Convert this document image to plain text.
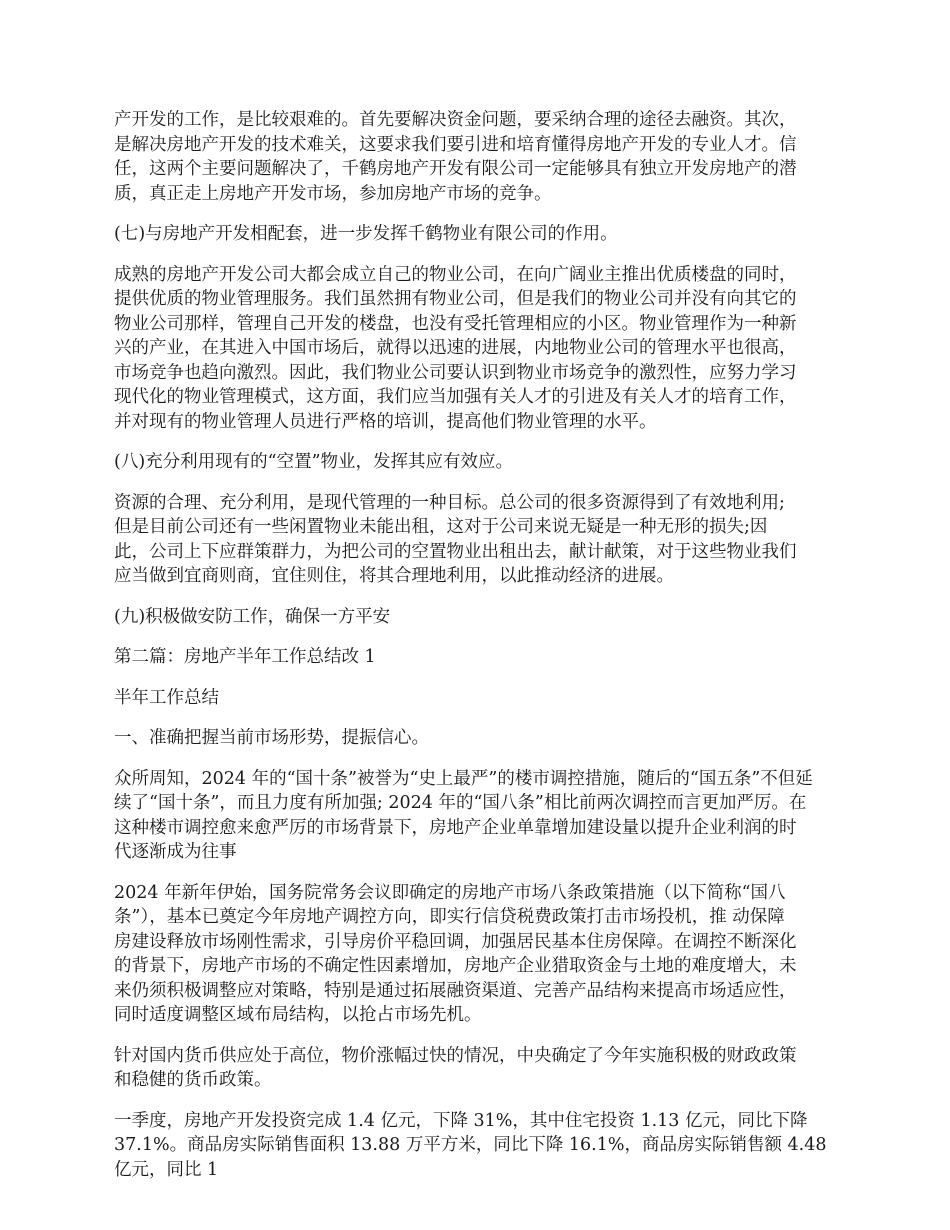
产开发的工作，是比较艰难的。首先要解决资金问题，要采纳合理的途径去融资。其次，
是解决房地产开发的技术难关，这要求我们要引进和培育懂得房地产开发的专业人才。信
任，这两个主要问题解决了，千鹤房地产开发有限公司一定能够具有独立开发房地产的潜
质，真正走上房地产开发市场，参加房地产市场的竞争。
(七)与房地产开发相配套，进一步发挥千鹤物业有限公司的作用。
成熟的房地产开发公司大都会成立自己的物业公司，在向广阔业主推出优质楼盘的同时，
提供优质的物业管理服务。我们虽然拥有物业公司，但是我们的物业公司并没有向其它的
物业公司那样，管理自己开发的楼盘，也没有受托管理相应的小区。物业管理作为一种新
兴的产业，在其进入中国市场后，就得以迅速的进展，内地物业公司的管理水平也很高，
市场竞争也趋向激烈。因此，我们物业公司要认识到物业市场竞争的激烈性，应努力学习
现代化的物业管理模式，这方面，我们应当加强有关人才的引进及有关人才的培育工作，
并对现有的物业管理人员进行严格的培训，提高他们物业管理的水平。
(八)充分利用现有的“空置”物业，发挥其应有效应。
资源的合理、充分利用，是现代管理的一种目标。总公司的很多资源得到了有效地利用;
但是目前公司还有一些闲置物业未能出租，这对于公司来说无疑是一种无形的损失;因
此，公司上下应群策群力，为把公司的空置物业出租出去，献计献策，对于这些物业我们
应当做到宜商则商，宜住则住，将其合理地利用，以此推动经济的进展。
(九)积极做安防工作，确保一方平安
第二篇：房地产半年工作总结改 1
半年工作总结
一、准确把握当前市场形势，提振信心。
众所周知，2024 年的“国十条”被誉为“史上最严”的楼市调控措施，随后的“国五条”不但延
续了“国十条”，而且力度有所加强; 2024 年的“国八条”相比前两次调控而言更加严厉。在
这种楼市调控愈来愈严厉的市场背景下，房地产企业单靠增加建设量以提升企业利润的时
代逐渐成为往事
2024 年新年伊始，国务院常务会议即确定的房地产市场八条政策措施（以下简称“国八
条”），基本已奠定今年房地产调控方向，即实行信贷税费政策打击市场投机，推 动保障
房建设释放市场刚性需求，引导房价平稳回调，加强居民基本住房保障。在调控不断深化
的背景下，房地产市场的不确定性因素增加，房地产企业猎取资金与土地的难度增大，未
来仍须积极调整应对策略，特别是通过拓展融资渠道、完善产品结构来提高市场适应性，
同时适度调整区域布局结构，以抢占市场先机。
针对国内货币供应处于高位，物价涨幅过快的情况，中央确定了今年实施积极的财政政策
和稳健的货币政策。
一季度，房地产开发投资完成 1.4 亿元，下降 31%，其中住宅投资 1.13 亿元，同比下降
37.1%。商品房实际销售面积 13.88 万平方米，同比下降 16.1%，商品房实际销售额 4.48
亿元，同比 1
